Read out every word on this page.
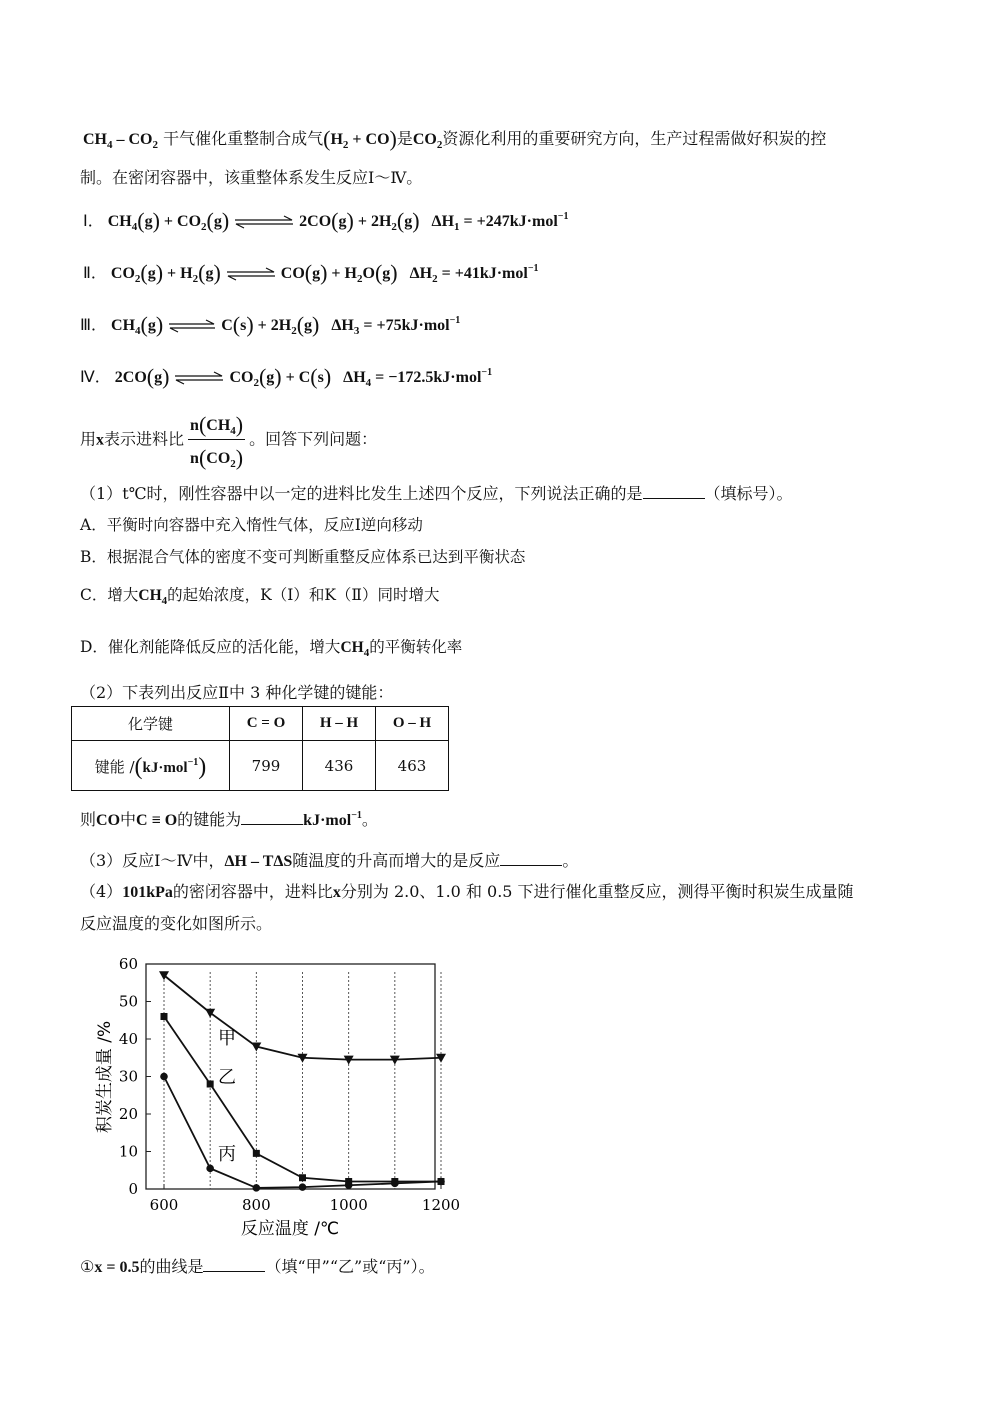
$CH_4 - CO_2$ 干气催化重整制合成气$(H_2 + CO)$是$CO_2$资源化利用的重要研究方向，生产过程需做好积炭的控
制。在密闭容器中，该重整体系发生反应Ⅰ～Ⅳ。
Ⅰ． $CH_4(g) + CO_2(g)$ ⇌ $2CO(g) + 2H_2(g) \Delta H_1 = +247kJ\cdot mol^{-1}$
Ⅱ． $CO_2(g) + H_2(g)$ ⇌ $CO(g) + H_2O(g) \Delta H_2 = +41kJ\cdot mol^{-1}$
Ⅲ． $CH_4(g)$ ⇌ $C(s) + 2H_2(g) \Delta H_3 = +75kJ\cdot mol^{-1}$
Ⅳ． 2CO(g) ⇌ $CO_2(g) + C(s) \Delta H_4 = -172.5kJ\cdot mol^{-1}$
用x表示进料比 $\frac{n(CH_4)}{n(CO_2)}$ 。回答下列问题：
（1）t℃时，刚性容器中以一定的进料比发生上述四个反应，下列说法正确的是	（填标号）。
A．平衡时向容器中充入惰性气体，反应Ⅰ逆向移动
B．根据混合气体的密度不变可判断重整反应体系已达到平衡状态
C．增大$CH_4$的起始浓度，K（Ⅰ）和K（Ⅱ）同时增大
D．催化剂能降低反应的活化能，增大$CH_4$的平衡转化率
（2）下表列出反应Ⅱ中 3 种化学键的键能：
化学键	C = O	H – H	O – H
键能 /(kJ·mol$^{-1}$)	799	436	463
则CO中C ≡ O的键能为	kJ·mol$^{-1}$。
（3）反应Ⅰ～Ⅳ中，ΔH – TΔS随温度的升高而增大的是反应	。
（4）101kPa的密闭容器中，进料比x分别为 2.0、1.0 和 0.5 下进行催化重整反应，测得平衡时积炭生成量随
反应温度的变化如图所示。
0
10
20
30
40
50
60
600	800	1000	1200
反应温度 /℃
积炭生成量 /%	甲
乙
丙
①x = 0.5的曲线是	（填“甲”“乙”或“丙”）。
